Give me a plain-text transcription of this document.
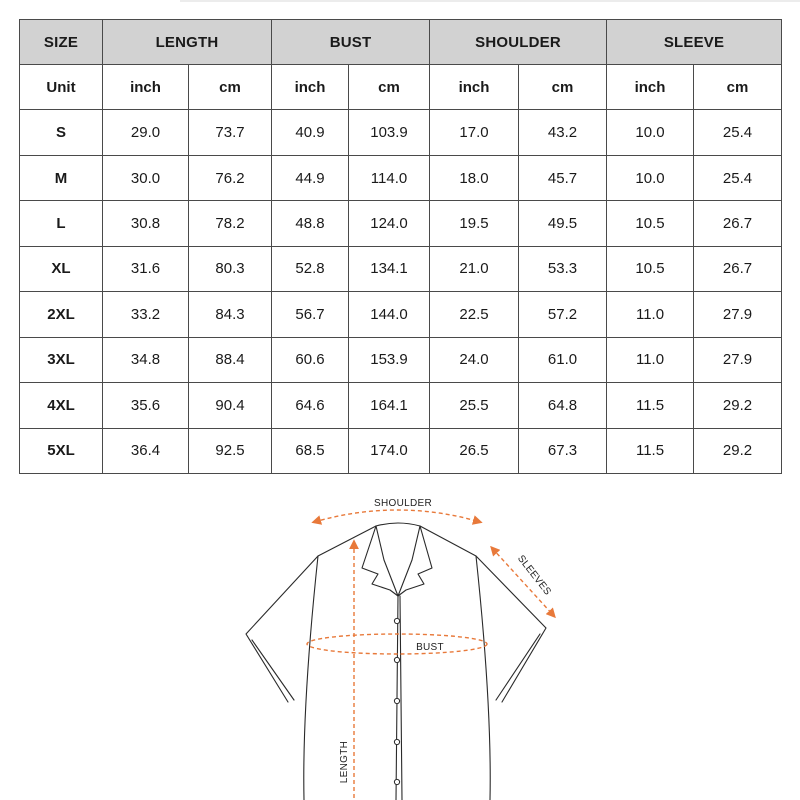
SIZE	LENGTH		BUST		SHOULDER		SLEEVE	
Unit	inch	cm	inch	cm	inch	cm	inch	cm
S	29.0	73.7	40.9	103.9	17.0	43.2	10.0	25.4
M	30.0	76.2	44.9	114.0	18.0	45.7	10.0	25.4
L	30.8	78.2	48.8	124.0	19.5	49.5	10.5	26.7
XL	31.6	80.3	52.8	134.1	21.0	53.3	10.5	26.7
2XL	33.2	84.3	56.7	144.0	22.5	57.2	11.0	27.9
3XL	34.8	88.4	60.6	153.9	24.0	61.0	11.0	27.9
4XL	35.6	90.4	64.6	164.1	25.5	64.8	11.5	29.2
5XL	36.4	92.5	68.5	174.0	26.5	67.3	11.5	29.2
SHOULDER
SLEEVES
BUST
LENGTH
